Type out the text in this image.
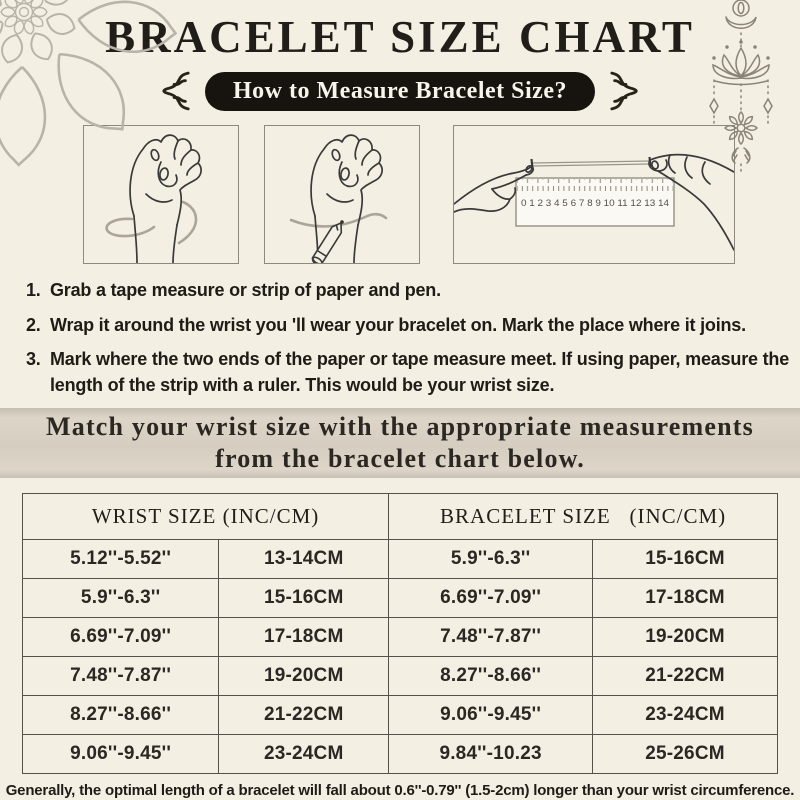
BRACELET SIZE CHART
How to Measure Bracelet Size?
0 1 2 3 4 5 6 7 8 9 10 11 12 13 14
1. Grab a tape measure or strip of paper and pen.
2. Wrap it around the wrist you 'll wear your bracelet on. Mark the place where it joins.
3. Mark where the two ends of the paper or tape measure meet. If using paper, measure the length of the strip with a ruler. This would be your wrist size.
Match your wrist size with the appropriate measurements
from the bracelet chart below.
WRIST SIZE (INC/CM)		BRACELET SIZE   (INC/CM)	
5.12''-5.52''	13-14CM	5.9''-6.3''	15-16CM
5.9''-6.3''	15-16CM	6.69''-7.09''	17-18CM
6.69''-7.09''	17-18CM	7.48''-7.87''	19-20CM
7.48''-7.87''	19-20CM	8.27''-8.66''	21-22CM
8.27''-8.66''	21-22CM	9.06''-9.45''	23-24CM
9.06''-9.45''	23-24CM	9.84''-10.23	25-26CM
Generally, the optimal length of a bracelet will fall about 0.6''-0.79'' (1.5-2cm) longer than your wrist circumference.
